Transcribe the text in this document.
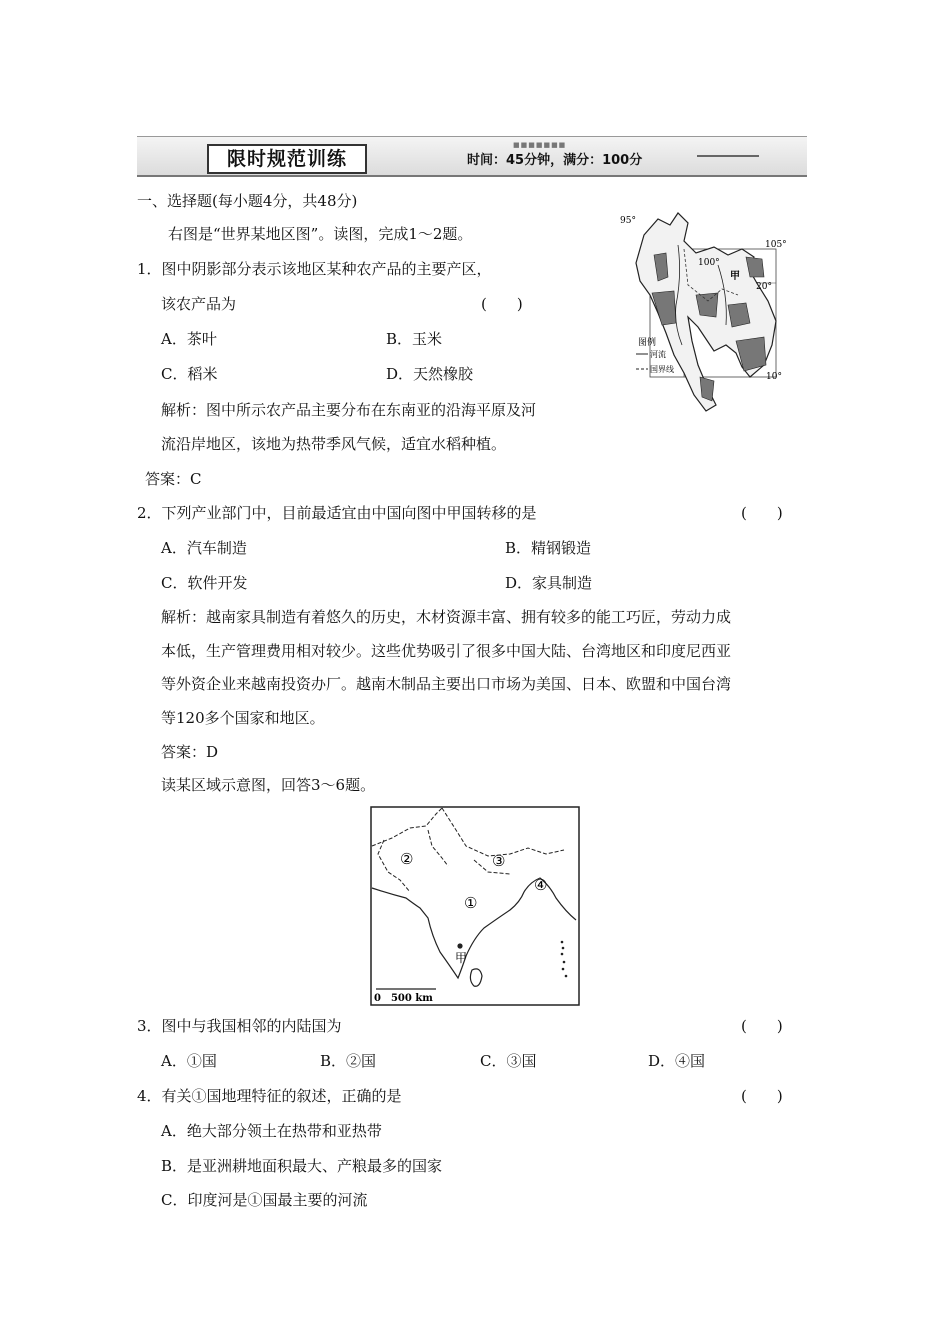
限时规范训练
■■■■■■■
时间：45分钟，满分：100分
一、选择题(每小题4分，共48分)
右图是“世界某地区图”。读图，完成1～2题。
1．图中阴影部分表示该地区某种农产品的主要产区，
该农产品为	(　　)
A．茶叶	B．玉米
C．稻米	D．天然橡胶
解析：图中所示农产品主要分布在东南亚的沿海平原及河
流沿岸地区，该地为热带季风气候，适宜水稻种植。
答案：C
95°
100°
105°
20°
10°
甲
图例
河流
国界线
2．下列产业部门中，目前最适宜由中国向图中甲国转移的是	(　　)
A．汽车制造	B．精钢锻造
C．软件开发	D．家具制造
解析：越南家具制造有着悠久的历史，木材资源丰富、拥有较多的能工巧匠，劳动力成
本低，生产管理费用相对较少。这些优势吸引了很多中国大陆、台湾地区和印度尼西亚
等外资企业来越南投资办厂。越南木制品主要出口市场为美国、日本、欧盟和中国台湾
等120多个国家和地区。
答案：D
读某区域示意图，回答3～6题。
甲
①
②	③
④
0　500 km
3．图中与我国相邻的内陆国为	(　　)
A．①国	B．②国	C．③国	D．④国
4．有关①国地理特征的叙述，正确的是	(　　)
A．绝大部分领土在热带和亚热带
B．是亚洲耕地面积最大、产粮最多的国家
C．印度河是①国最主要的河流
